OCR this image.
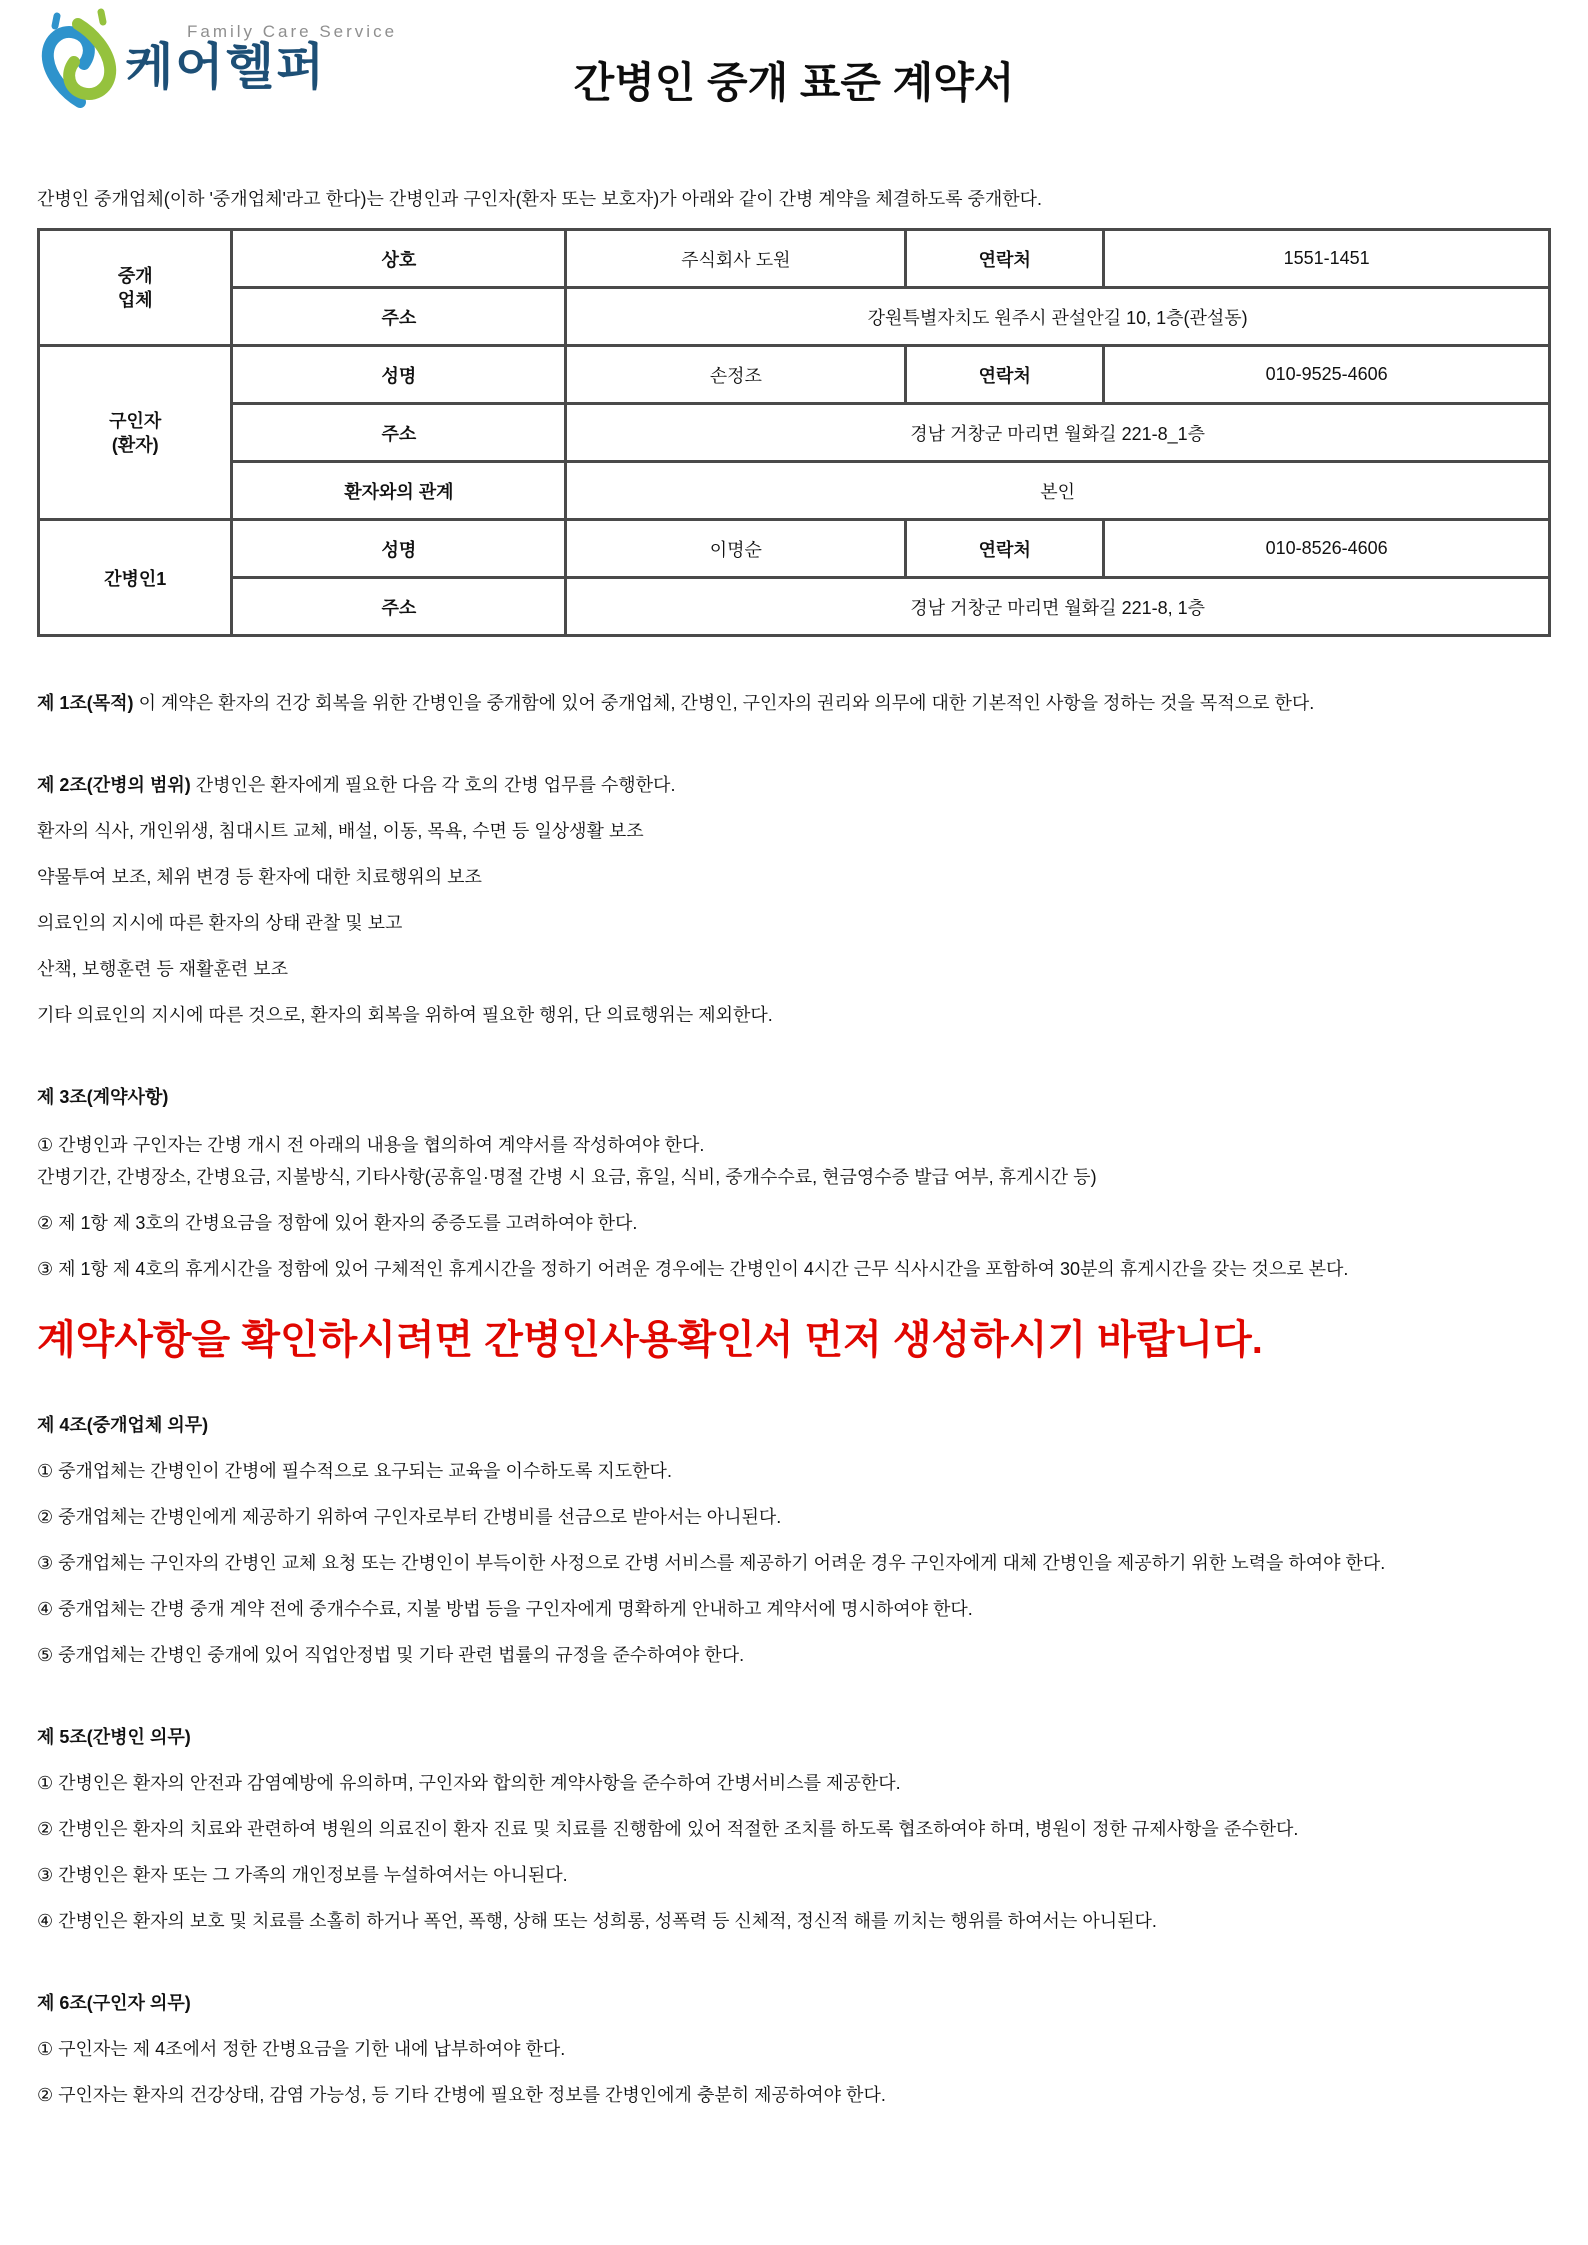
Family Care Service
케어헬퍼	간병인 중개 표준 계약서
간병인 중개업체(이하 '중개업체'라고 한다)는 간병인과 구인자(환자 또는 보호자)가 아래와 같이 간병 계약을 체결하도록 중개한다.
중개
업체	상호	주식회사 도원	연락처	1551-1451
	주소	강원특별자치도 원주시 관설안길 10, 1층(관설동)		

구인자
(환자)	성명	손정조	연락처	010-9525-4606
	주소	경남 거창군 마리면 월화길 221-8_1층		
	환자와의 관계	본인		
간병인1	성명	이명순	연락처	010-8526-4606
	주소	경남 거창군 마리면 월화길 221-8, 1층		

제 1조(목적) 이 계약은 환자의 건강 회복을 위한 간병인을 중개함에 있어 중개업체, 간병인, 구인자의 권리와 의무에 대한 기본적인 사항을 정하는 것을 목적으로 한다.

제 2조(간병의 범위) 간병인은 환자에게 필요한 다음 각 호의 간병 업무를 수행한다.

환자의 식사, 개인위생, 침대시트 교체, 배설, 이동, 목욕, 수면 등 일상생활 보조

약물투여 보조, 체위 변경 등 환자에 대한 치료행위의 보조

의료인의 지시에 따른 환자의 상태 관찰 및 보고

산책, 보행훈련 등 재활훈련 보조

기타 의료인의 지시에 따른 것으로, 환자의 회복을 위하여 필요한 행위, 단 의료행위는 제외한다.

제 3조(계약사항)

① 간병인과 구인자는 간병 개시 전 아래의 내용을 협의하여 계약서를 작성하여야 한다.
간병기간, 간병장소, 간병요금, 지불방식, 기타사항(공휴일·명절 간병 시 요금, 휴일, 식비, 중개수수료, 현금영수증 발급 여부, 휴게시간 등)

② 제 1항 제 3호의 간병요금을 정함에 있어 환자의 중증도를 고려하여야 한다.

③ 제 1항 제 4호의 휴게시간을 정함에 있어 구체적인 휴게시간을 정하기 어려운 경우에는 간병인이 4시간 근무 식사시간을 포함하여 30분의 휴게시간을 갖는 것으로 본다.

계약사항을 확인하시려면 간병인사용확인서 먼저 생성하시기 바랍니다.

제 4조(중개업체 의무)

① 중개업체는 간병인이 간병에 필수적으로 요구되는 교육을 이수하도록 지도한다.

② 중개업체는 간병인에게 제공하기 위하여 구인자로부터 간병비를 선금으로 받아서는 아니된다.

③ 중개업체는 구인자의 간병인 교체 요청 또는 간병인이 부득이한 사정으로 간병 서비스를 제공하기 어려운 경우 구인자에게 대체 간병인을 제공하기 위한 노력을 하여야 한다.

④ 중개업체는 간병 중개 계약 전에 중개수수료, 지불 방법 등을 구인자에게 명확하게 안내하고 계약서에 명시하여야 한다.

⑤ 중개업체는 간병인 중개에 있어 직업안정법 및 기타 관련 법률의 규정을 준수하여야 한다.

제 5조(간병인 의무)

① 간병인은 환자의 안전과 감염예방에 유의하며, 구인자와 합의한 계약사항을 준수하여 간병서비스를 제공한다.

② 간병인은 환자의 치료와 관련하여 병원의 의료진이 환자 진료 및 치료를 진행함에 있어 적절한 조치를 하도록 협조하여야 하며, 병원이 정한 규제사항을 준수한다.

③ 간병인은 환자 또는 그 가족의 개인정보를 누설하여서는 아니된다.

④ 간병인은 환자의 보호 및 치료를 소홀히 하거나 폭언, 폭행, 상해 또는 성희롱, 성폭력 등 신체적, 정신적 해를 끼치는 행위를 하여서는 아니된다.

제 6조(구인자 의무)

① 구인자는 제 4조에서 정한 간병요금을 기한 내에 납부하여야 한다.

② 구인자는 환자의 건강상태, 감염 가능성, 등 기타 간병에 필요한 정보를 간병인에게 충분히 제공하여야 한다.
